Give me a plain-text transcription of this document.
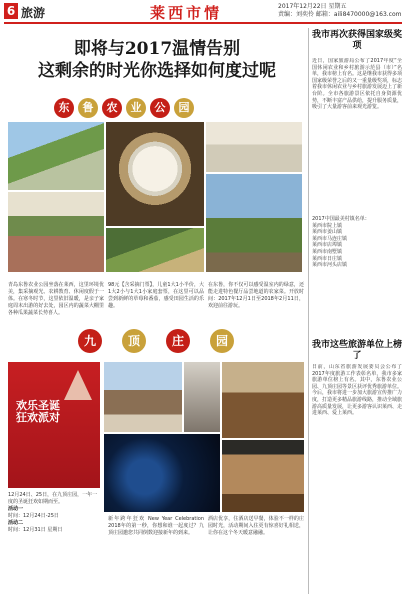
6 旅游	莱西市情	2017年12月22日 星期五
责编：刘奕伶 邮箱：aili8470000@163.com
即将与2017温情告别
这剩余的时光你选择如何度过呢
东	鲁	农	业	公	园
青岛东鲁农业公园坐落在莱西，这里环境优美，集采摘观光、农耕教育、休闲度假于一体。在寒冬时节，这里依旧温暖，是亲子家庭周末出游的好去处，园区内的蔬菜大棚里各种瓜果蔬菜长势喜人。
98元【含采摘门票】，儿童1大1小半价，大1大2小与1大1小家庭套票，在这里可以品尝到新鲜的草莓和番茄，感受田园生活的乐趣。
在东鲁，你不仅可以感受温室内的绿意，还能走进特色餐厅品尝地道的农家菜。开放时间：2017年12月1日至2018年2月11日，欢迎前往游玩。
九	顶	庄	园
欢乐圣诞
狂欢派对
12月24日、25日，在九顶庄园，一年一度的圣诞狂欢如期而至。
活动一
时间：12月24日-25日
活动二
时间：12月31日 星期日
新年跨年狂欢 New Year Celebration 2018年的第一秒，你想和谁一起度过？九顶庄园邀您共同倒数迎接新年的到来。
酒店优享，住酒店送早餐，体验不一样的庄园时光，活动期间入住更有惊喜好礼相送，让你在这个冬天暖意融融。
我市再次获得国家级奖项
近日，国家旅游局公布了2017年度“全国休闲农业和乡村旅游示范县（市）”名单，我市榜上有名。这是继我市获得多项国家级荣誉之后的又一重量级奖项，标志着我市休闲农业与乡村旅游发展迈上了新台阶。全市各旅游景区依托自身资源优势，不断丰富产品供给，提升服务质量，吸引了大量游客前来观光游览。
2017中国最美村镇名单：
莱西市院上镇
莱西市姜山镇
莱西市马连庄镇
莱西市店埠镇
莱西市南墅镇
莱西市日庄镇
莱西市河头店镇
我市这些旅游单位上榜了
日前，山东省旅游发展委员会公布了2017年度旅游工作表彰名单，我市多家旅游单位榜上有名。其中，东鲁农业公园、九顶庄园等景区获评优秀旅游单位。今后，我市将进一步加大旅游宣传推广力度，打造更多精品旅游线路，推动全域旅游高质量发展，让更多游客认识莱西、走进莱西、爱上莱西。
